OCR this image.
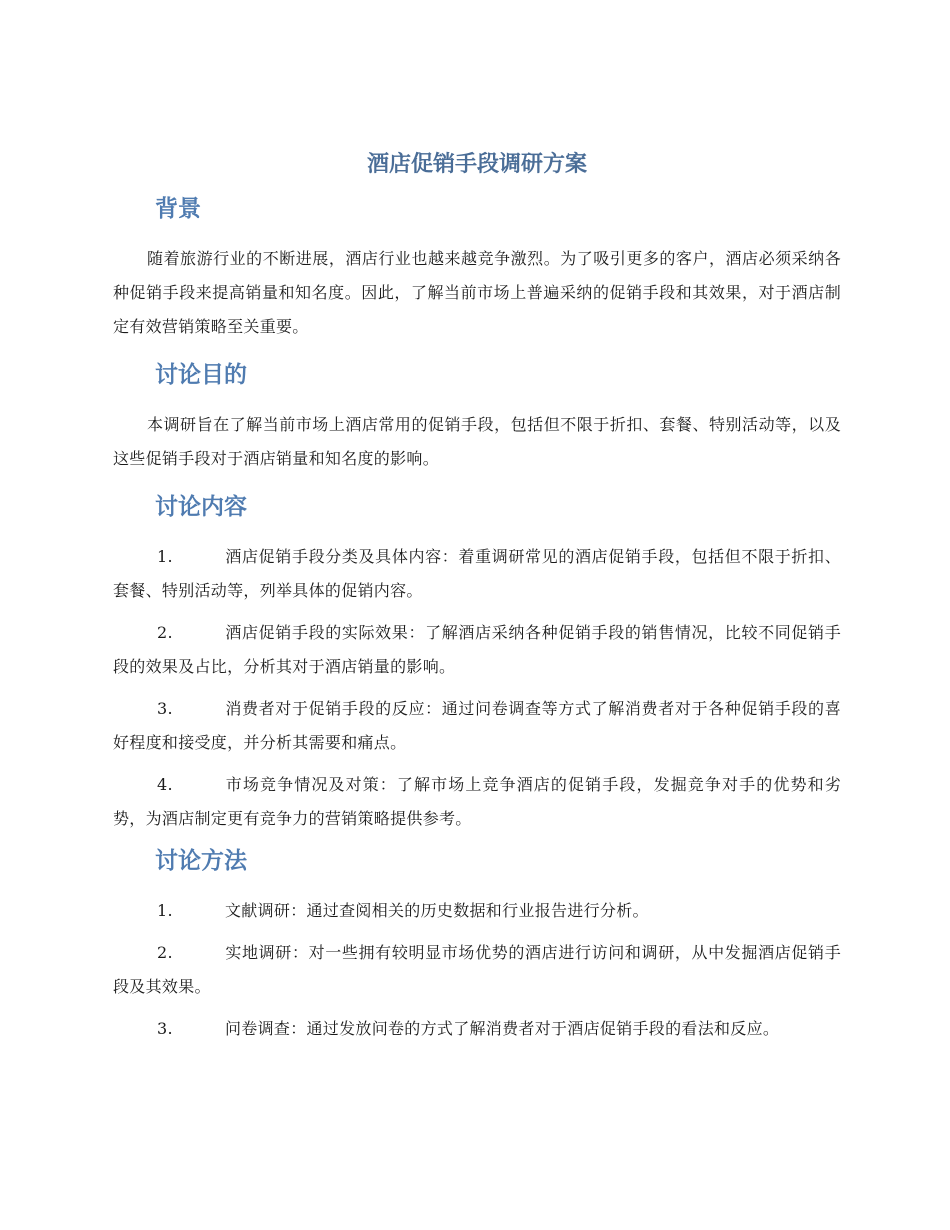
酒店促销手段调研方案
背景

随着旅游行业的不断进展，酒店行业也越来越竞争激烈。为了吸引更多的客户，酒店必须采纳各种促销手段来提高销量和知名度。因此，了解当前市场上普遍采纳的促销手段和其效果，对于酒店制定有效营销策略至关重要。

讨论目的

本调研旨在了解当前市场上酒店常用的促销手段，包括但不限于折扣、套餐、特别活动等，以及这些促销手段对于酒店销量和知名度的影响。

讨论内容

1.	酒店促销手段分类及具体内容：着重调研常见的酒店促销手段，包括但不限于折扣、套餐、特别活动等，列举具体的促销内容。

2.	酒店促销手段的实际效果：了解酒店采纳各种促销手段的销售情况，比较不同促销手段的效果及占比，分析其对于酒店销量的影响。

3.	消费者对于促销手段的反应：通过问卷调查等方式了解消费者对于各种促销手段的喜好程度和接受度，并分析其需要和痛点。

4.	市场竞争情况及对策：了解市场上竞争酒店的促销手段，发掘竞争对手的优势和劣势，为酒店制定更有竞争力的营销策略提供参考。

讨论方法

1.	文献调研：通过查阅相关的历史数据和行业报告进行分析。

2.	实地调研：对一些拥有较明显市场优势的酒店进行访问和调研，从中发掘酒店促销手段及其效果。

3.	问卷调查：通过发放问卷的方式了解消费者对于酒店促销手段的看法和反应。
